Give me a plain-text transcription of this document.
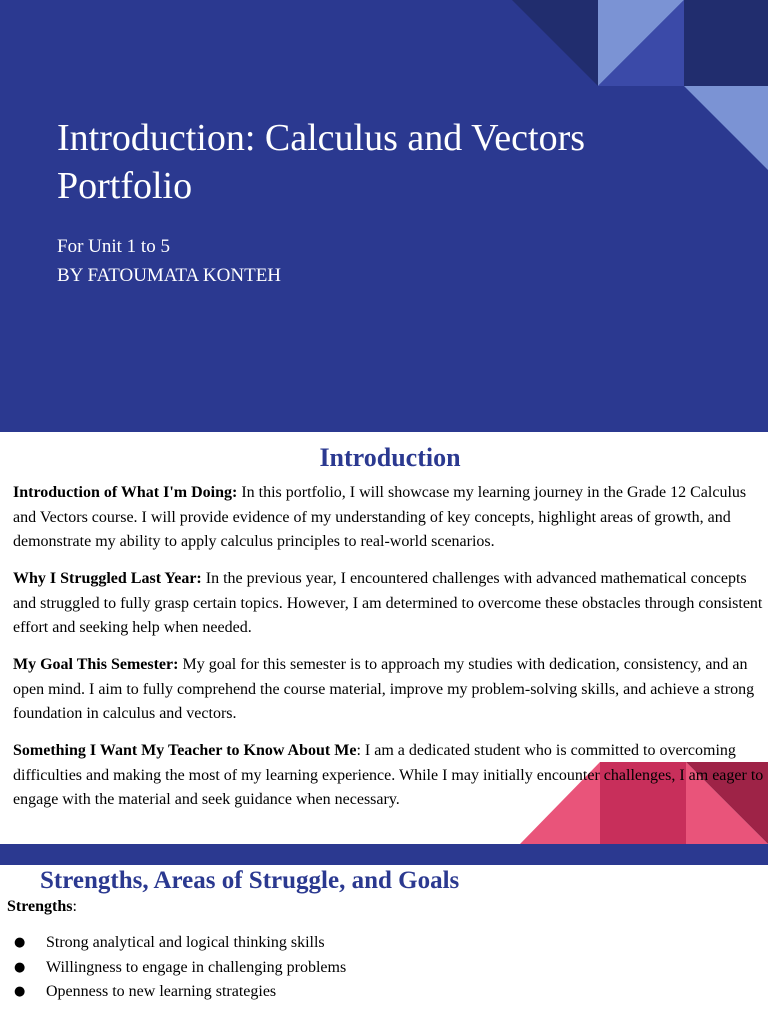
Introduction: Calculus and Vectors
Portfolio
For Unit 1 to 5
BY FATOUMATA KONTEH
Introduction

Introduction of What I'm Doing: In this portfolio, I will showcase my learning journey in the Grade 12 Calculus and Vectors course. I will provide evidence of my understanding of key concepts, highlight areas of growth, and demonstrate my ability to apply calculus principles to real-world scenarios.

Why I Struggled Last Year: In the previous year, I encountered challenges with advanced mathematical concepts and struggled to fully grasp certain topics. However, I am determined to overcome these obstacles through consistent effort and seeking help when needed.

My Goal This Semester: My goal for this semester is to approach my studies with dedication, consistency, and an open mind. I aim to fully comprehend the course material, improve my problem-solving skills, and achieve a strong foundation in calculus and vectors.

Something I Want My Teacher to Know About Me: I am a dedicated student who is committed to overcoming difficulties and making the most of my learning experience. While I may initially encounter challenges, I am eager to engage with the material and seek guidance when necessary.

Strengths, Areas of Struggle, and Goals
Strengths:
● Strong analytical and logical thinking skills
● Willingness to engage in challenging problems
● Openness to new learning strategies
